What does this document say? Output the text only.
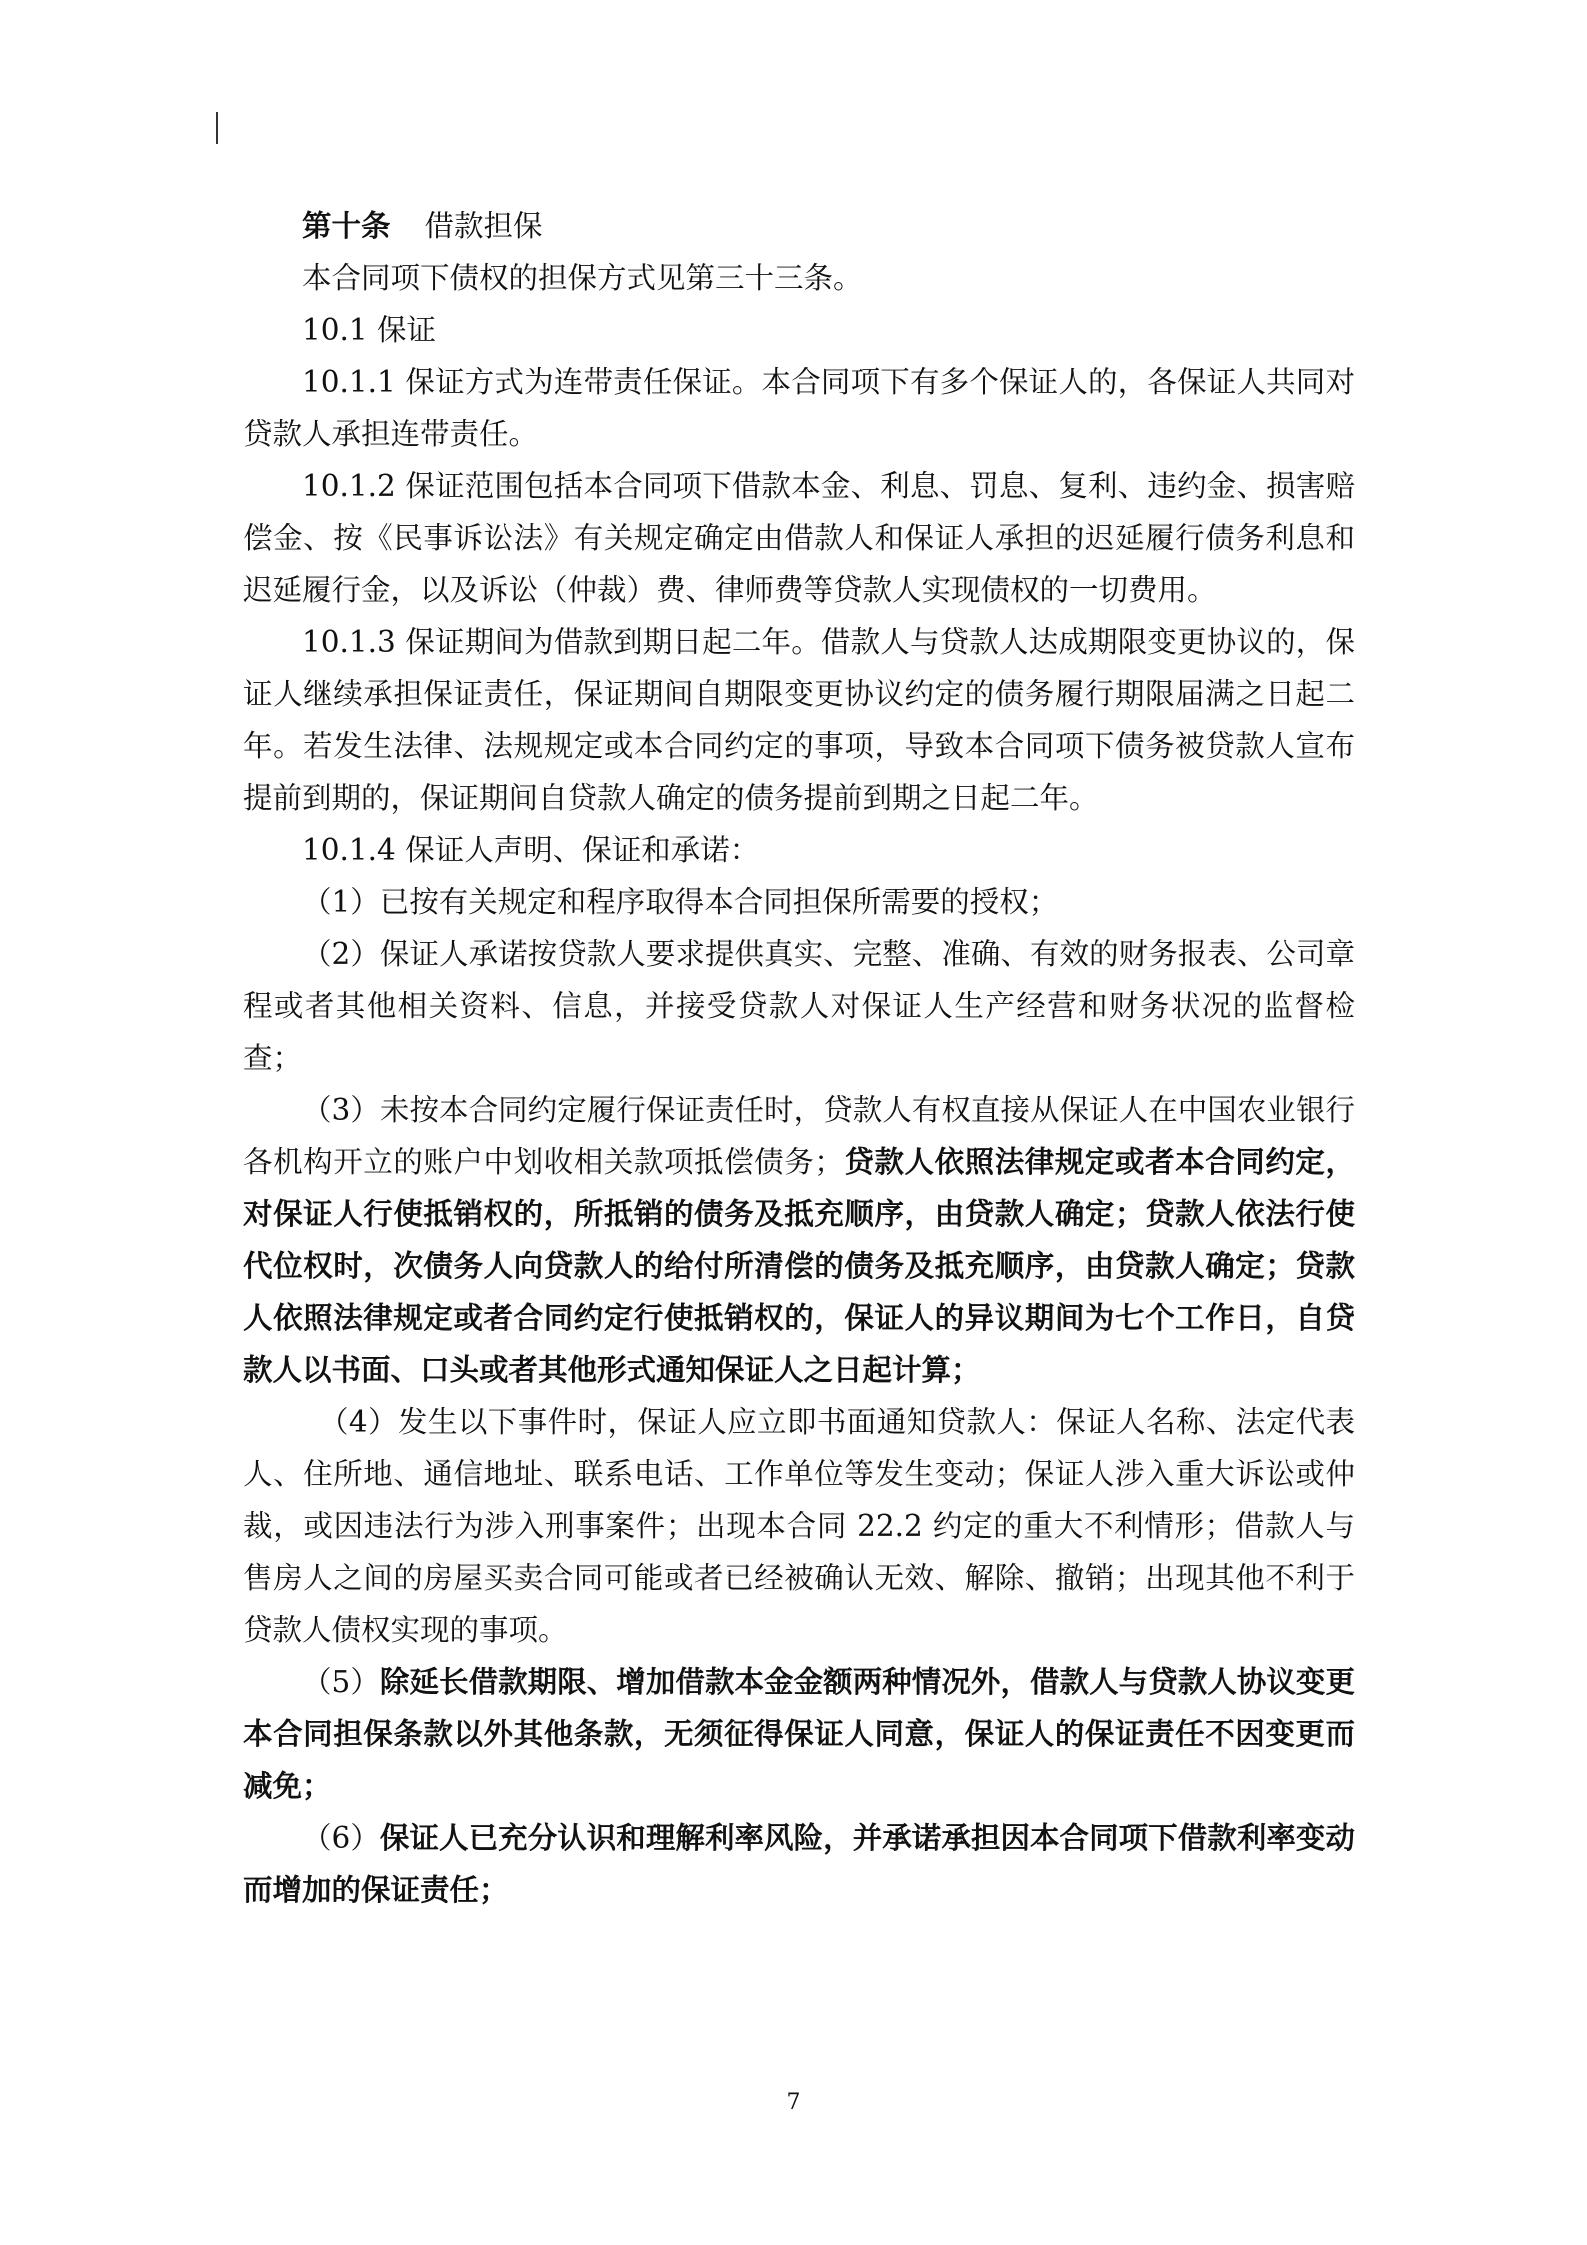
第十条 借款担保

本合同项下债权的担保方式见第三十三条。

10.1 保证

10.1.1 保证方式为连带责任保证。本合同项下有多个保证人的，各保证人共同对贷款人承担连带责任。

10.1.2 保证范围包括本合同项下借款本金、利息、罚息、复利、违约金、损害赔偿金、按《民事诉讼法》有关规定确定由借款人和保证人承担的迟延履行债务利息和迟延履行金，以及诉讼（仲裁）费、律师费等贷款人实现债权的一切费用。

10.1.3 保证期间为借款到期日起二年。借款人与贷款人达成期限变更协议的，保证人继续承担保证责任，保证期间自期限变更协议约定的债务履行期限届满之日起二年。若发生法律、法规规定或本合同约定的事项，导致本合同项下债务被贷款人宣布提前到期的，保证期间自贷款人确定的债务提前到期之日起二年。

10.1.4 保证人声明、保证和承诺：

（1）已按有关规定和程序取得本合同担保所需要的授权；

（2）保证人承诺按贷款人要求提供真实、完整、准确、有效的财务报表、公司章程或者其他相关资料、信息，并接受贷款人对保证人生产经营和财务状况的监督检查；

（3）未按本合同约定履行保证责任时，贷款人有权直接从保证人在中国农业银行各机构开立的账户中划收相关款项抵偿债务；贷款人依照法律规定或者本合同约定，对保证人行使抵销权的，所抵销的债务及抵充顺序，由贷款人确定；贷款人依法行使代位权时，次债务人向贷款人的给付所清偿的债务及抵充顺序，由贷款人确定；贷款人依照法律规定或者合同约定行使抵销权的，保证人的异议期间为七个工作日，自贷款人以书面、口头或者其他形式通知保证人之日起计算；

（4）发生以下事件时，保证人应立即书面通知贷款人：保证人名称、法定代表人、住所地、通信地址、联系电话、工作单位等发生变动；保证人涉入重大诉讼或仲裁，或因违法行为涉入刑事案件；出现本合同 22.2 约定的重大不利情形；借款人与售房人之间的房屋买卖合同可能或者已经被确认无效、解除、撤销；出现其他不利于贷款人债权实现的事项。

（5）除延长借款期限、增加借款本金金额两种情况外，借款人与贷款人协议变更本合同担保条款以外其他条款，无须征得保证人同意，保证人的保证责任不因变更而减免；

（6）保证人已充分认识和理解利率风险，并承诺承担因本合同项下借款利率变动而增加的保证责任；

7
